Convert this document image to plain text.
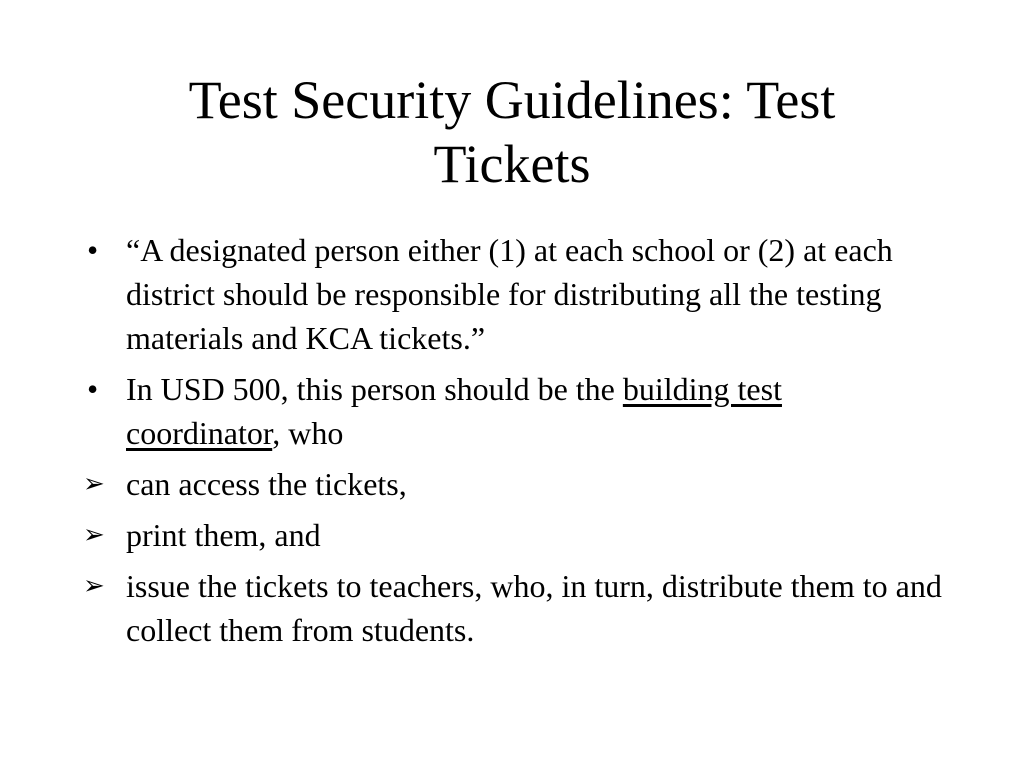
Test Security Guidelines: Test
Tickets
• “A designated person either (1) at each school or (2) at each district should be responsible for distributing all the testing materials and KCA tickets.”
• In USD 500, this person should be the building test coordinator, who
➢ can access the tickets,
➢ print them, and
➢ issue the tickets to teachers, who, in turn, distribute them to and collect them from students.
